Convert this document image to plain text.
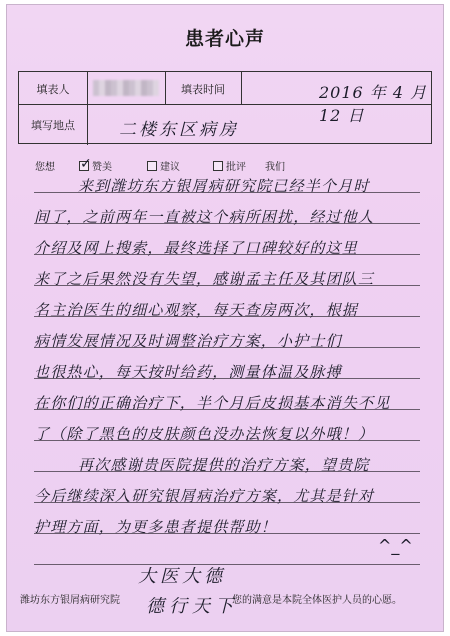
患者心声
填表人	填表时间	2016 年 4 月 12 日
填写地点	二楼东区病房
您想 ✓ 赞美	建议	批评 我们
来到潍坊东方银屑病研究院已经半个月时
间了，之前两年一直被这个病所困扰，经过他人
介绍及网上搜索，最终选择了口碑较好的这里
来了之后果然没有失望，感谢孟主任及其团队三
名主治医生的细心观察，每天查房两次，根据
病情发展情况及时调整治疗方案，小护士们
也很热心，每天按时给药，测量体温及脉搏
在你们的正确治疗下，半个月后皮损基本消失不见
了（除了黑色的皮肤颜色没办法恢复以外哦！）
再次感谢贵医院提供的治疗方案，望贵院
今后继续深入研究银屑病治疗方案，尤其是针对
护理方面，为更多患者提供帮助！
^_^
大医大德
德行天下
潍坊东方银屑病研究院	您的满意是本院全体医护人员的心愿。
